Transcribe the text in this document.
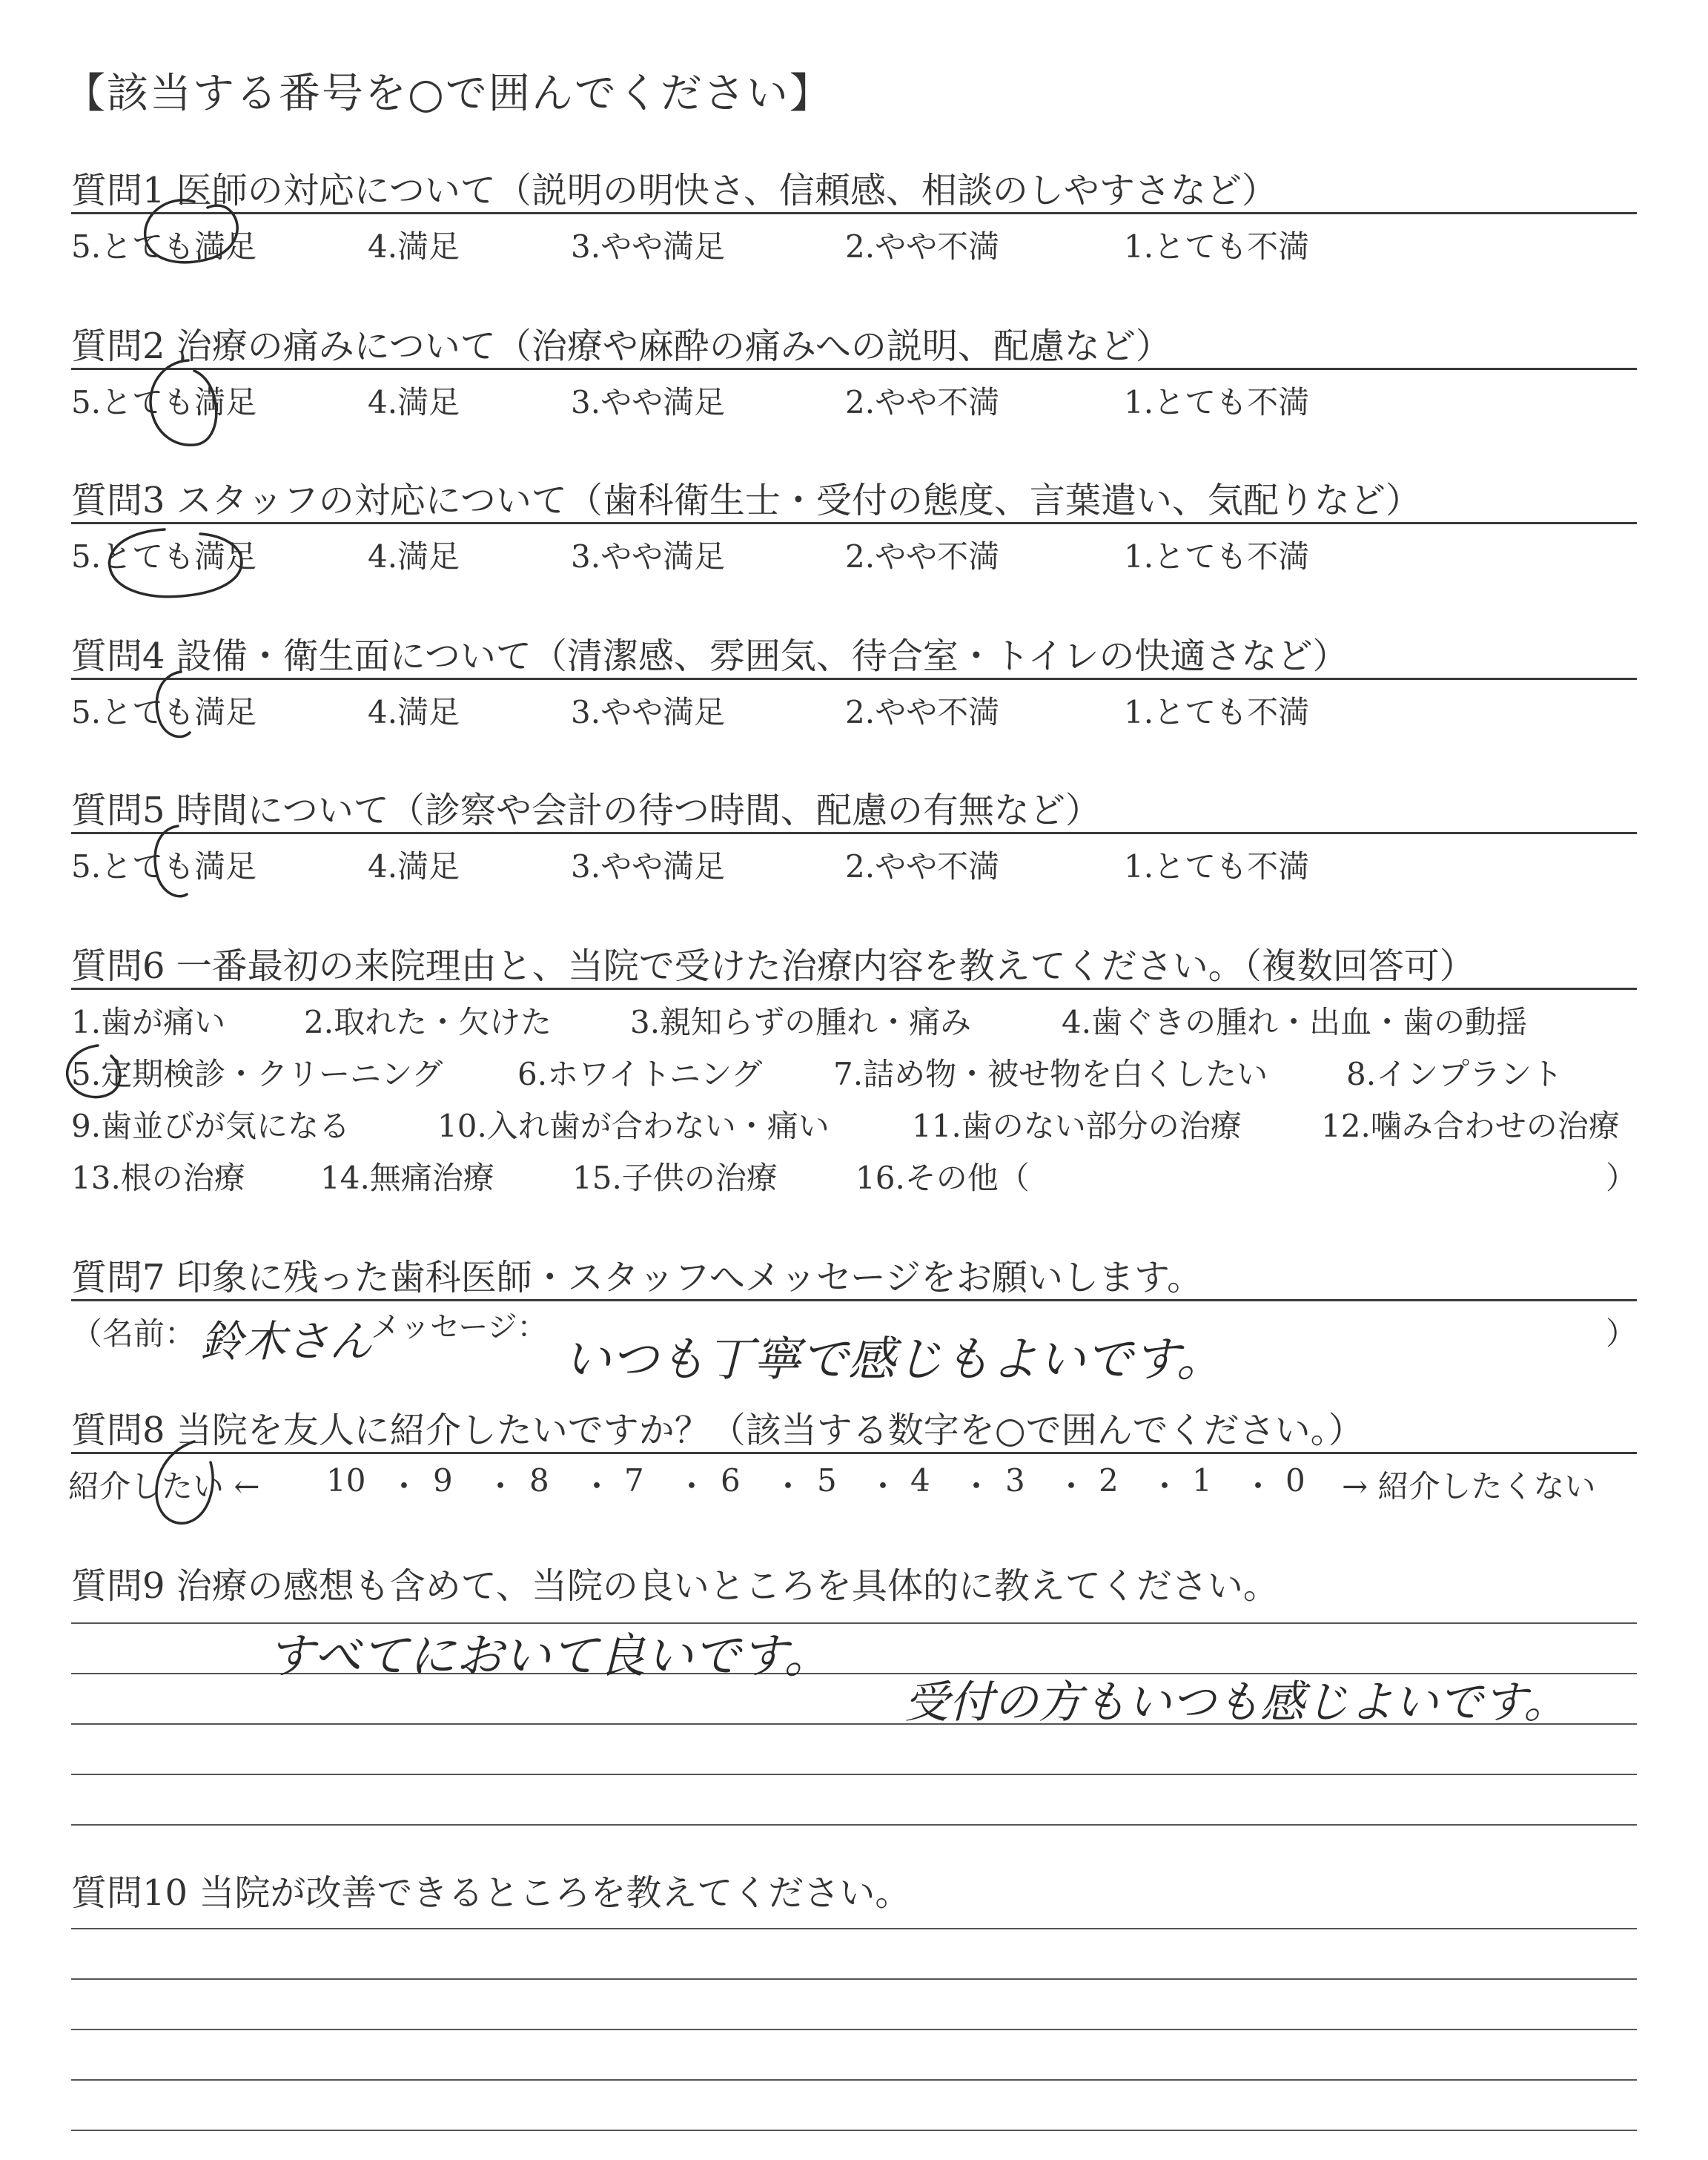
【該当する番号を○で囲んでください】
質問1 医師の対応について（説明の明快さ、信頼感、相談のしやすさなど）
5.とても満足	4.満足	3.やや満足	2.やや不満	1.とても不満
質問2 治療の痛みについて（治療や麻酔の痛みへの説明、配慮など）
5.とても満足	4.満足	3.やや満足	2.やや不満	1.とても不満
質問3 スタッフの対応について（歯科衛生士・受付の態度、言葉遣い、気配りなど）
5.とても満足	4.満足	3.やや満足	2.やや不満	1.とても不満
質問4 設備・衛生面について（清潔感、雰囲気、待合室・トイレの快適さなど）
5.とても満足	4.満足	3.やや満足	2.やや不満	1.とても不満
質問5 時間について（診察や会計の待つ時間、配慮の有無など）
5.とても満足	4.満足	3.やや満足	2.やや不満	1.とても不満
質問6 一番最初の来院理由と、当院で受けた治療内容を教えてください。（複数回答可）
1.歯が痛い	2.取れた・欠けた	3.親知らずの腫れ・痛み	4.歯ぐきの腫れ・出血・歯の動揺
5.定期検診・クリーニング 6.ホワイトニング 7.詰め物・被せ物を白くしたい	8.インプラント
9.歯並びが気になる	10.入れ歯が合わない・痛い	11.歯のない部分の治療	12.噛み合わせの治療
13.根の治療 14.無痛治療	15.子供の治療	16.その他（	）
質問7 印象に残った歯科医師・スタッフへメッセージをお願いします。
（名前： 鈴木さん
メッセージ：
いつも丁寧で感じもよいです。	）
質問8 当院を友人に紹介したいですか？（該当する数字を○で囲んでください。）
紹介したい ← 10 ・ 9 ・ 8 ・ 7 ・ 6 ・ 5 ・ 4 ・ 3 ・ 2 ・ 1 ・ 0 → 紹介したくない
質問9 治療の感想も含めて、当院の良いところを具体的に教えてください。
すべてにおいて良いです。
受付の方もいつも感じよいです。
質問10 当院が改善できるところを教えてください。
